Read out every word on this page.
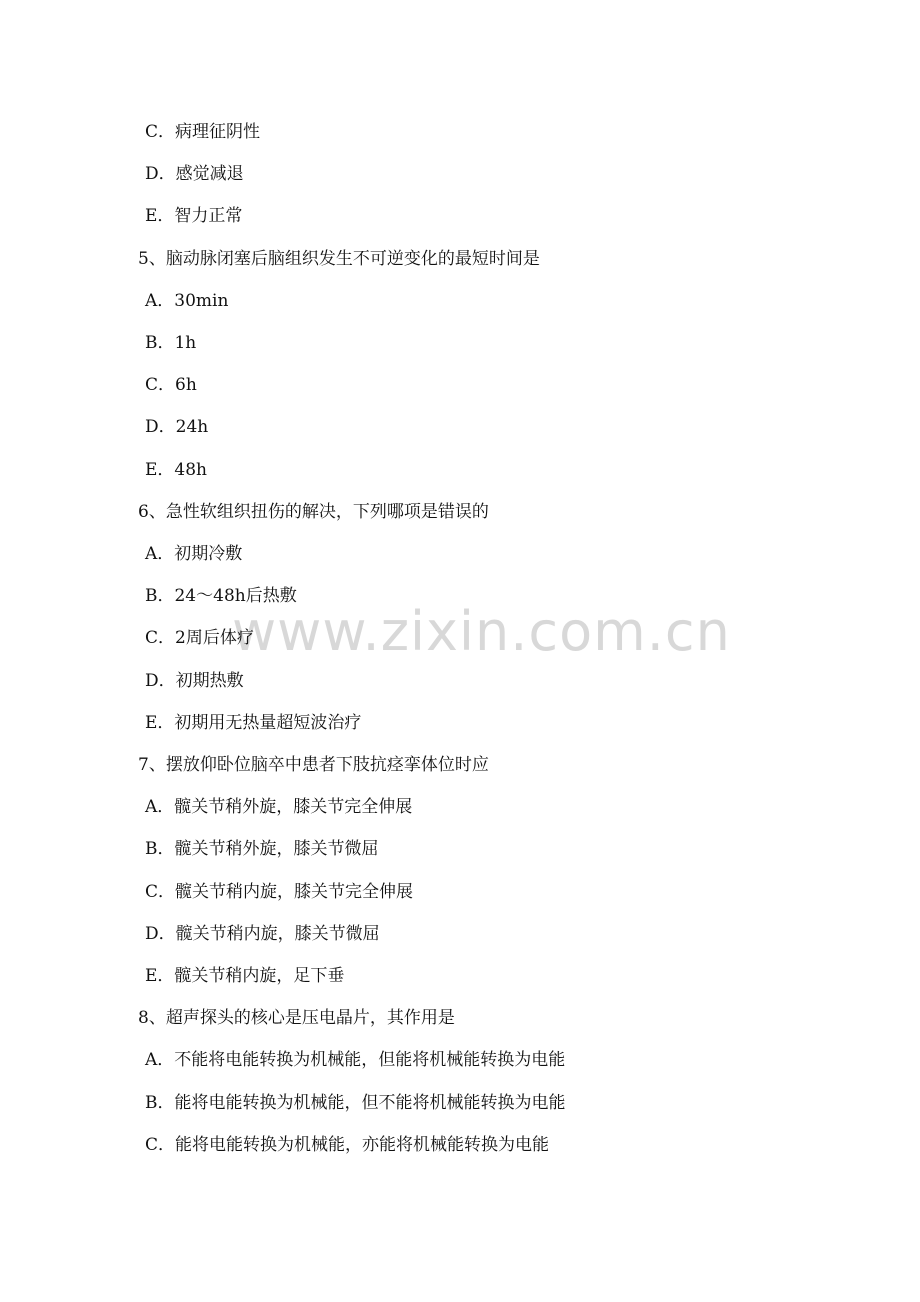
www.zixin.com.cn
C．病理征阴性
D．感觉减退
E．智力正常
5、脑动脉闭塞后脑组织发生不可逆变化的最短时间是
A．30min
B．1h
C．6h
D．24h
E．48h
6、急性软组织扭伤的解决，下列哪项是错误的
A．初期冷敷
B．24～48h后热敷
C．2周后体疗
D．初期热敷
E．初期用无热量超短波治疗
7、摆放仰卧位脑卒中患者下肢抗痉挛体位时应
A．髋关节稍外旋，膝关节完全伸展
B．髋关节稍外旋，膝关节微屈
C．髋关节稍内旋，膝关节完全伸展
D．髋关节稍内旋，膝关节微屈
E．髋关节稍内旋，足下垂
8、超声探头的核心是压电晶片，其作用是
A．不能将电能转换为机械能，但能将机械能转换为电能
B．能将电能转换为机械能，但不能将机械能转换为电能
C．能将电能转换为机械能，亦能将机械能转换为电能
